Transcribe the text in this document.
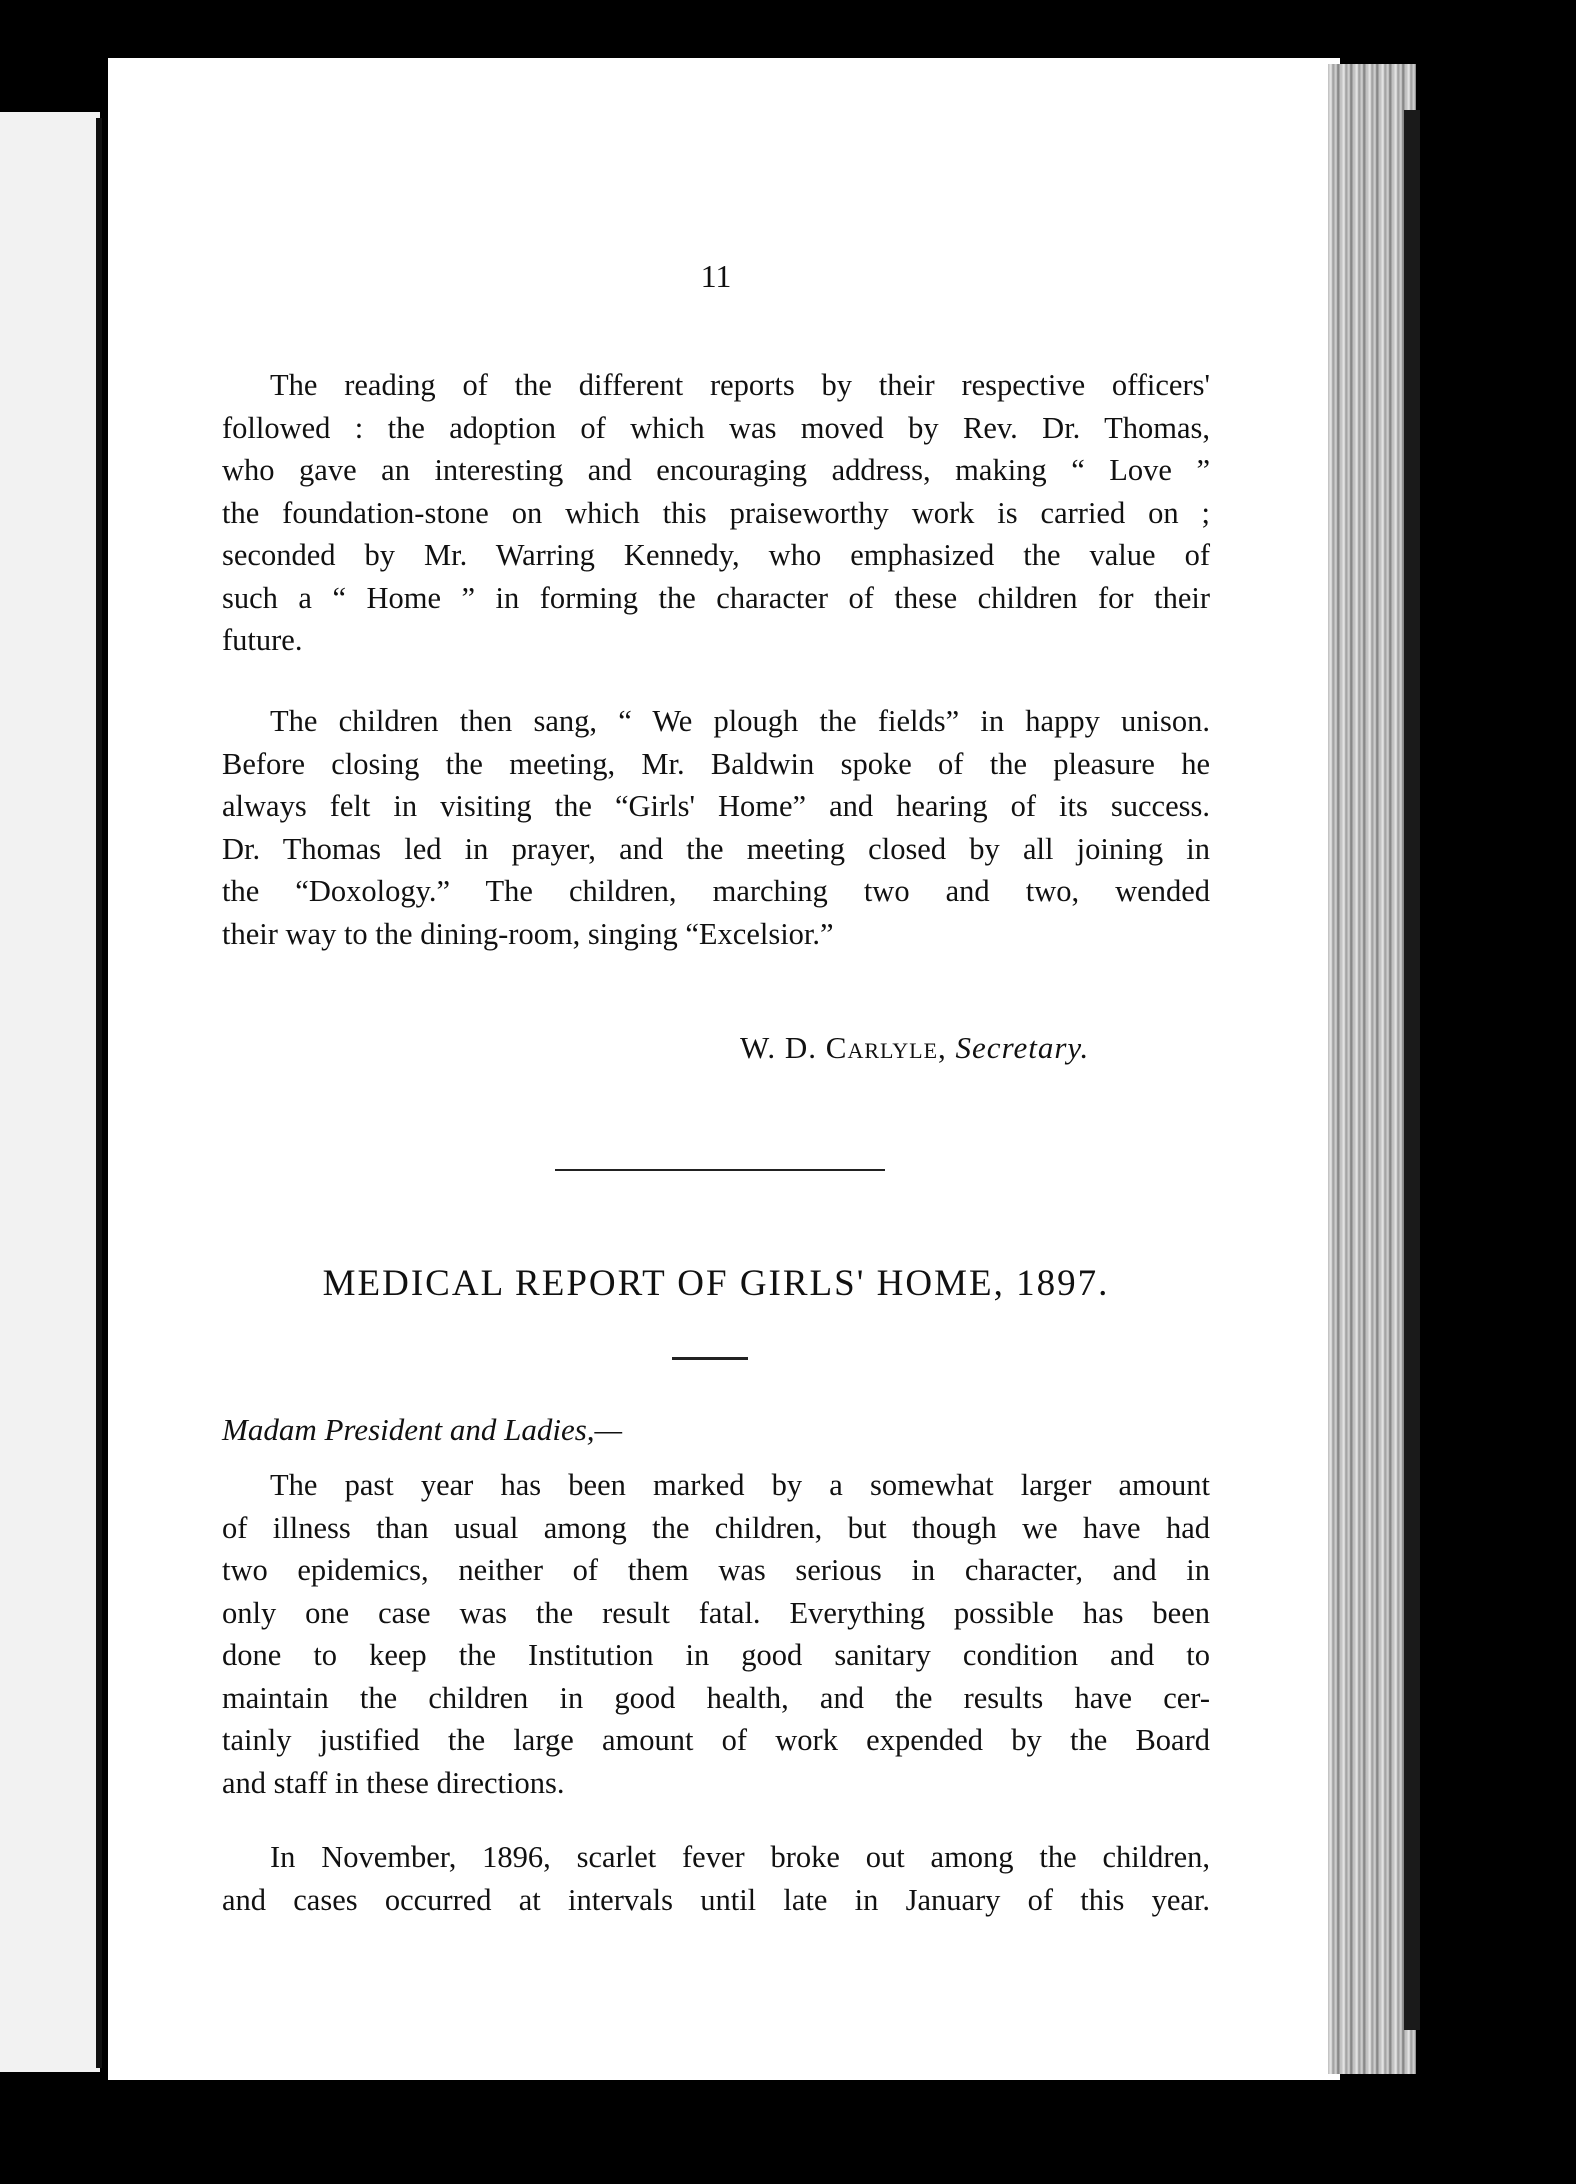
11
The reading of the different reports by their respective officers'
followed : the adoption of which was moved by Rev. Dr. Thomas,
who gave an interesting and encouraging address, making “ Love ”
the foundation-stone on which this praiseworthy work is carried on ;
seconded by Mr. Warring Kennedy, who emphasized the value of
such a “ Home ” in forming the character of these children for their
future.
The children then sang, “ We plough the fields” in happy unison.
Before closing the meeting, Mr. Baldwin spoke of the pleasure he
always felt in visiting the “Girls' Home” and hearing of its success.
Dr. Thomas led in prayer, and the meeting closed by all joining in
the “Doxology.” The children, marching two and two, wended
their way to the dining-room, singing “Excelsior.”
W. D. Carlyle, Secretary.
MEDICAL REPORT OF GIRLS' HOME, 1897.
Madam President and Ladies,—
The past year has been marked by a somewhat larger amount
of illness than usual among the children, but though we have had
two epidemics, neither of them was serious in character, and in
only one case was the result fatal. Everything possible has been
done to keep the Institution in good sanitary condition and to
maintain the children in good health, and the results have cer-
tainly justified the large amount of work expended by the Board
and staff in these directions.
In November, 1896, scarlet fever broke out among the children,
and cases occurred at intervals until late in January of this year.
